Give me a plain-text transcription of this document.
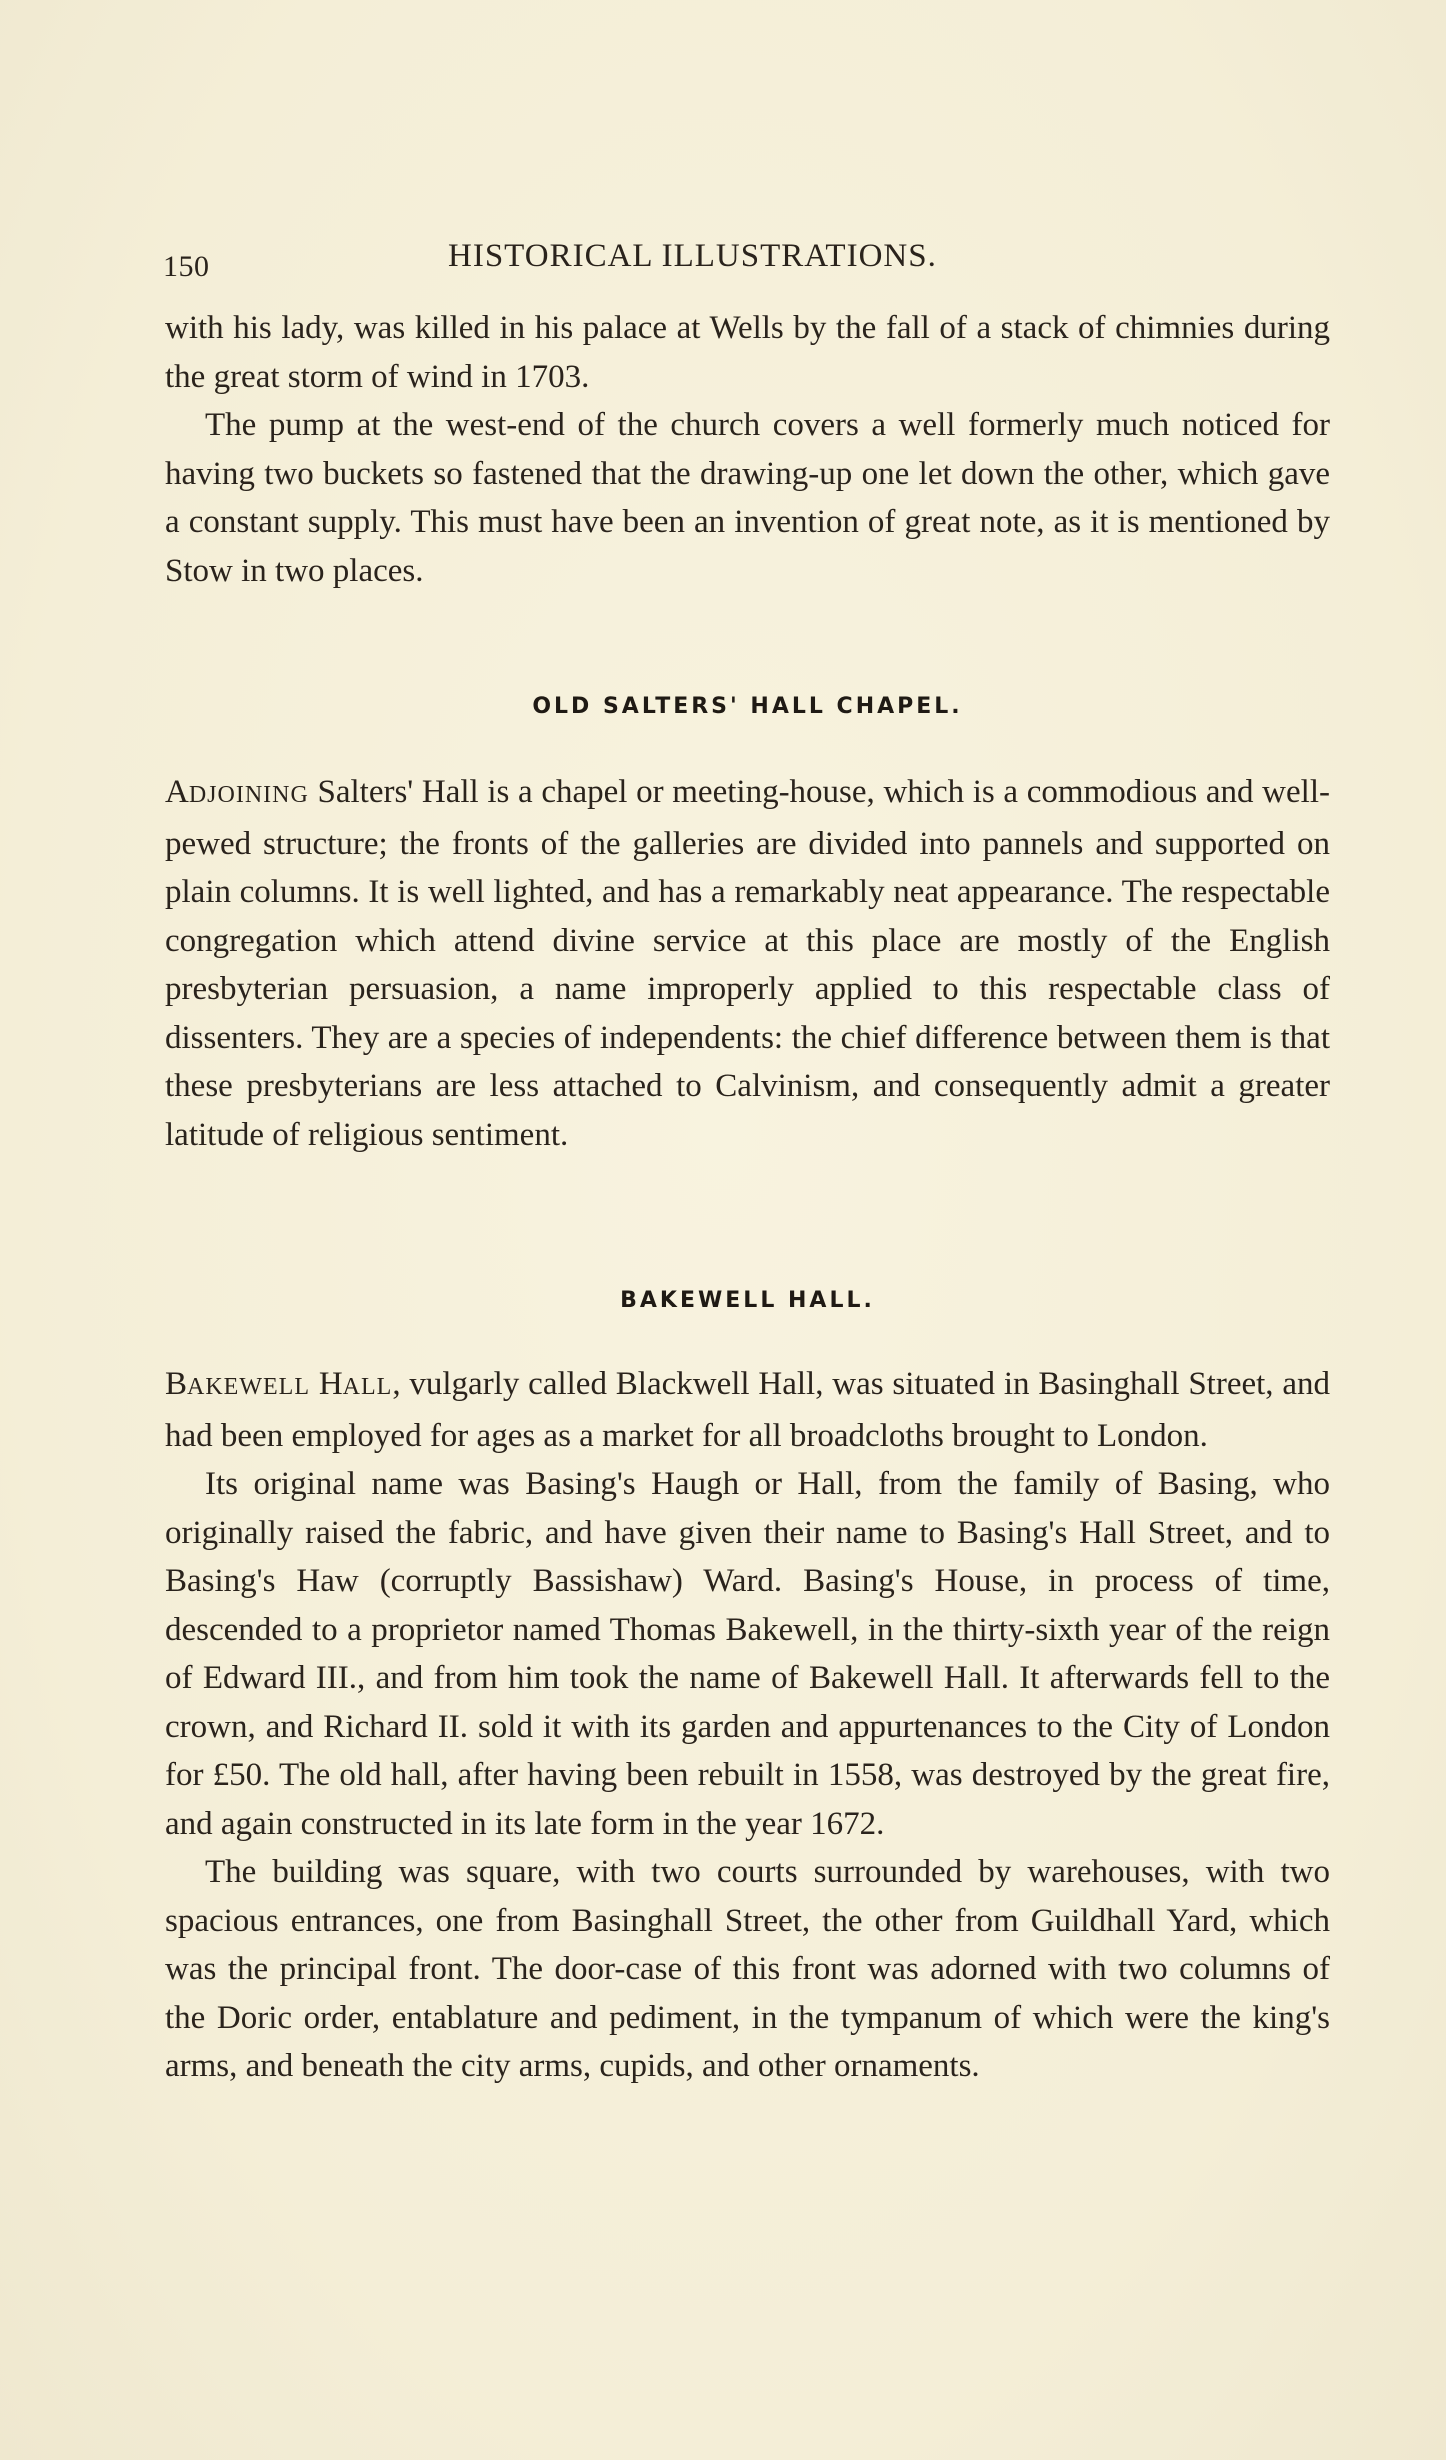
150	HISTORICAL ILLUSTRATIONS.

with his lady, was killed in his palace at Wells by the fall of a stack of chimnies during the great storm of wind in 1703.

The pump at the west-end of the church covers a well formerly much noticed for having two buckets so fastened that the drawing-up one let down the other, which gave a constant supply. This must have been an invention of great note, as it is mentioned by Stow in two places.

OLD SALTERS' HALL CHAPEL.

ADJOINING Salters' Hall is a chapel or meeting-house, which is a commodious and well-pewed structure; the fronts of the galleries are divided into pannels and supported on plain columns. It is well lighted, and has a remarkably neat appearance. The respectable congregation which attend divine service at this place are mostly of the English presbyterian persuasion, a name improperly applied to this respectable class of dissenters. They are a species of independents: the chief difference between them is that these presbyterians are less attached to Calvinism, and consequently admit a greater latitude of religious sentiment.

BAKEWELL HALL.

BAKEWELL HALL, vulgarly called Blackwell Hall, was situated in Basinghall Street, and had been employed for ages as a market for all broadcloths brought to London.

Its original name was Basing's Haugh or Hall, from the family of Basing, who originally raised the fabric, and have given their name to Basing's Hall Street, and to Basing's Haw (corruptly Bassishaw) Ward. Basing's House, in process of time, descended to a proprietor named Thomas Bakewell, in the thirty-sixth year of the reign of Edward III., and from him took the name of Bakewell Hall. It afterwards fell to the crown, and Richard II. sold it with its garden and appurtenances to the City of London for £50. The old hall, after having been rebuilt in 1558, was destroyed by the great fire, and again constructed in its late form in the year 1672.

The building was square, with two courts surrounded by warehouses, with two spacious entrances, one from Basinghall Street, the other from Guildhall Yard, which was the principal front. The door-case of this front was adorned with two columns of the Doric order, entablature and pediment, in the tympanum of which were the king's arms, and beneath the city arms, cupids, and other ornaments.
